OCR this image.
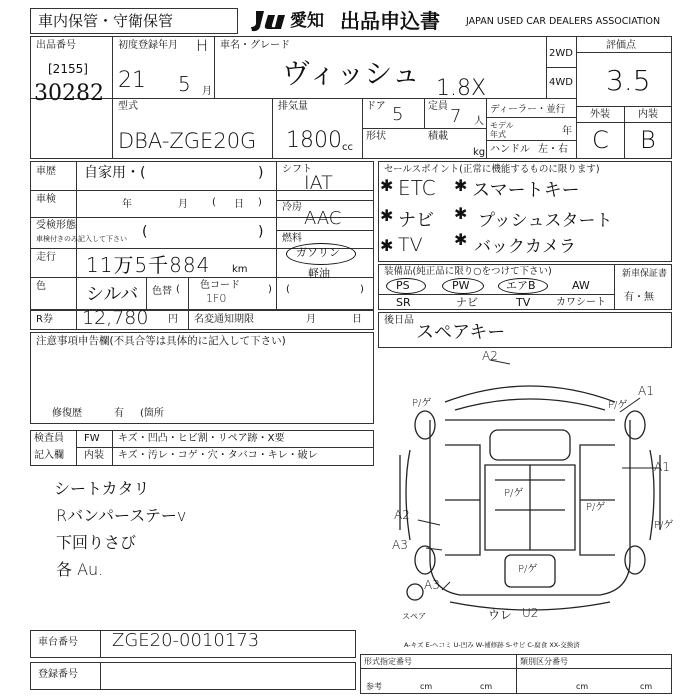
車内保管・守衛保管	愛知 出品申込書	JAPAN USED CAR DEALERS ASSOCIATION
出品番号
[2155]
30282
初度登録年月 H
21 5 月
車名・グレード
ヴィッシュ 1.8X
2WD
4WD
評価点
3.5
外装	内装
C B
型式
DBA-ZGE20G
排気量
1800 cc
ドア 5 定員 7 人
形状	積載
kg
ディーラー・並行
モデル年式	年
ハンドル 左・右
車歴 自家用・(	)
車検	年	月	日
(	)
受検形態
車検付きのみ記入して下さい (	)
走行 11万5千884 km
色 シルバ 色替 (	)
色コード
1F0
シフト
IAT
冷房
AAC
燃料
ガソリン
(
軽油
)
R券 12,780 円 名変通知期限	月	日
セールスポイント(正常に機能するものに限ります)
✱ ETC ✱ スマートキー
✱ ナビ ✱ プッシュスタート
✱ TV ✱ バックカメラ
装備品(純正品に限り○をつけて下さい)
PS	PW	エアB	AW
SR	ナビ	TV	カワシート
新車保証書
有・無
後日品
スペアキー
注意事項申告欄(不具合等は具体的に記入して下さい)
修復歴	有 (箇所
検査員
記入欄
FW キズ・凹凸・ヒビ割・リペア跡・X要
内装 キズ・汚レ・コゲ・穴・タバコ・キレ・破レ
シートカタリ
Rバンパーステーv
下回りさび
各 Au.
A2
A1
A1
A2
A3
A3
U2
ウレ
P/ゲ	P/ゲ
P/ゲ
P/ゲ
P/ゲ
P/ゲ
スペア
A-キズ E-ヘコミ U-凹み W-補修跡 S-サビ C-腐食 XX-交換済
車台番号 ZGE20-0010173
登録番号
形式指定番号	類別区分番号
参考	cm	cm	cm	cm
